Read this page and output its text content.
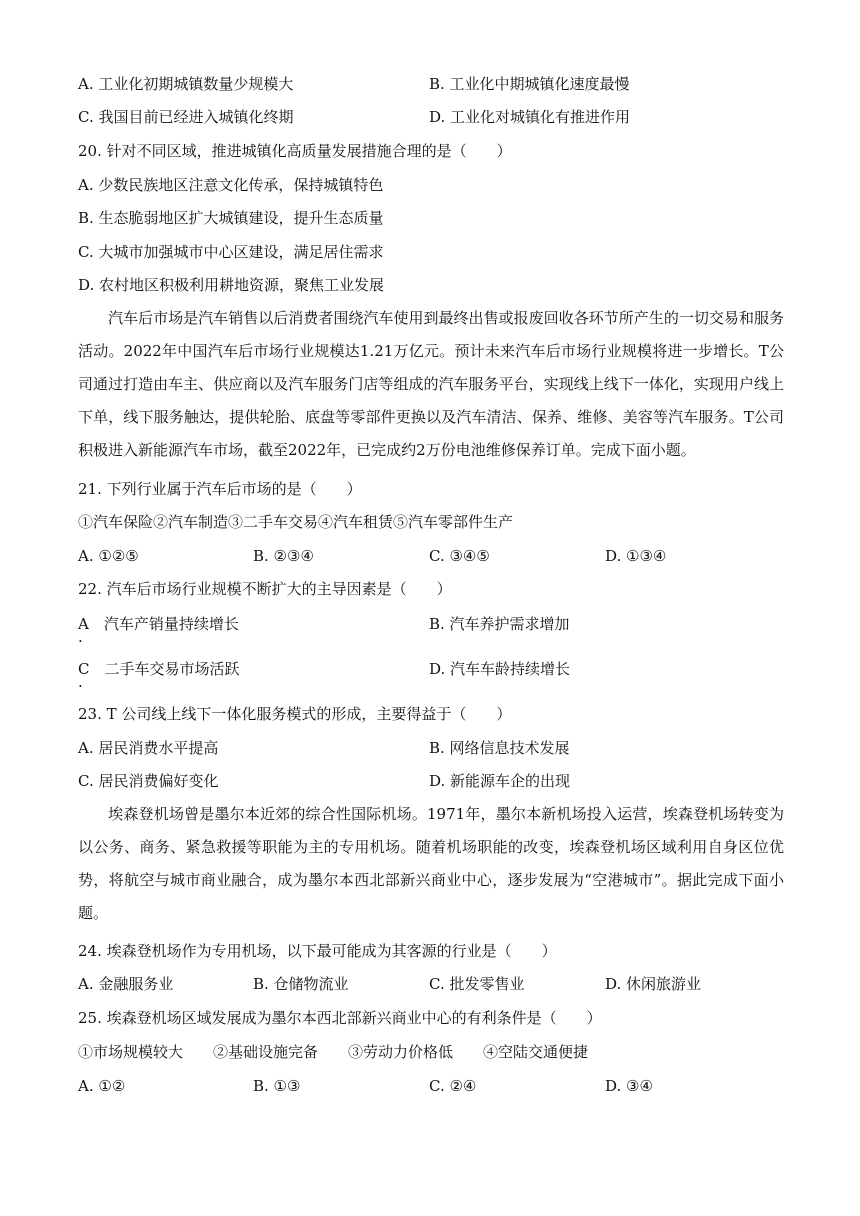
A. 工业化初期城镇数量少规模大	B. 工业化中期城镇化速度最慢
C. 我国目前已经进入城镇化终期	D. 工业化对城镇化有推进作用
20. 针对不同区域，推进城镇化高质量发展措施合理的是（　　）
A. 少数民族地区注意文化传承，保持城镇特色
B. 生态脆弱地区扩大城镇建设，提升生态质量
C. 大城市加强城市中心区建设，满足居住需求
D. 农村地区积极利用耕地资源，聚焦工业发展
汽车后市场是汽车销售以后消费者围绕汽车使用到最终出售或报废回收各环节所产生的一切交易和服务活动。2022年中国汽车后市场行业规模达1.21万亿元。预计未来汽车后市场行业规模将进一步增长。T公司通过打造由车主、供应商以及汽车服务门店等组成的汽车服务平台，实现线上线下一体化，实现用户线上下单，线下服务触达，提供轮胎、底盘等零部件更换以及汽车清洁、保养、维修、美容等汽车服务。T公司积极进入新能源汽车市场，截至2022年，已完成约2万份电池维修保养订单。完成下面小题。
21. 下列行业属于汽车后市场的是（　　）
①汽车保险②汽车制造③二手车交易④汽车租赁⑤汽车零部件生产
A. ①②⑤	B. ②③④	C. ③④⑤	D. ①③④
22. 汽车后市场行业规模不断扩大的主导因素是（　　）
A　汽车产销量持续增长
.
B. 汽车养护需求增加
C　二手车交易市场活跃
.
D. 汽车车龄持续增长
23. T 公司线上线下一体化服务模式的形成，主要得益于（　　）
A. 居民消费水平提高	B. 网络信息技术发展
C. 居民消费偏好变化	D. 新能源车企的出现
埃森登机场曾是墨尔本近郊的综合性国际机场。1971年，墨尔本新机场投入运营，埃森登机场转变为以公务、商务、紧急救援等职能为主的专用机场。随着机场职能的改变，埃森登机场区域利用自身区位优势，将航空与城市商业融合，成为墨尔本西北部新兴商业中心，逐步发展为“空港城市”。据此完成下面小题。
24. 埃森登机场作为专用机场，以下最可能成为其客源的行业是（　　）
A. 金融服务业	B. 仓储物流业	C. 批发零售业	D. 休闲旅游业
25. 埃森登机场区域发展成为墨尔本西北部新兴商业中心的有利条件是（　　）
①市场规模较大　　②基础设施完备　　③劳动力价格低　　④空陆交通便捷
A. ①②	B. ①③	C. ②④	D. ③④
